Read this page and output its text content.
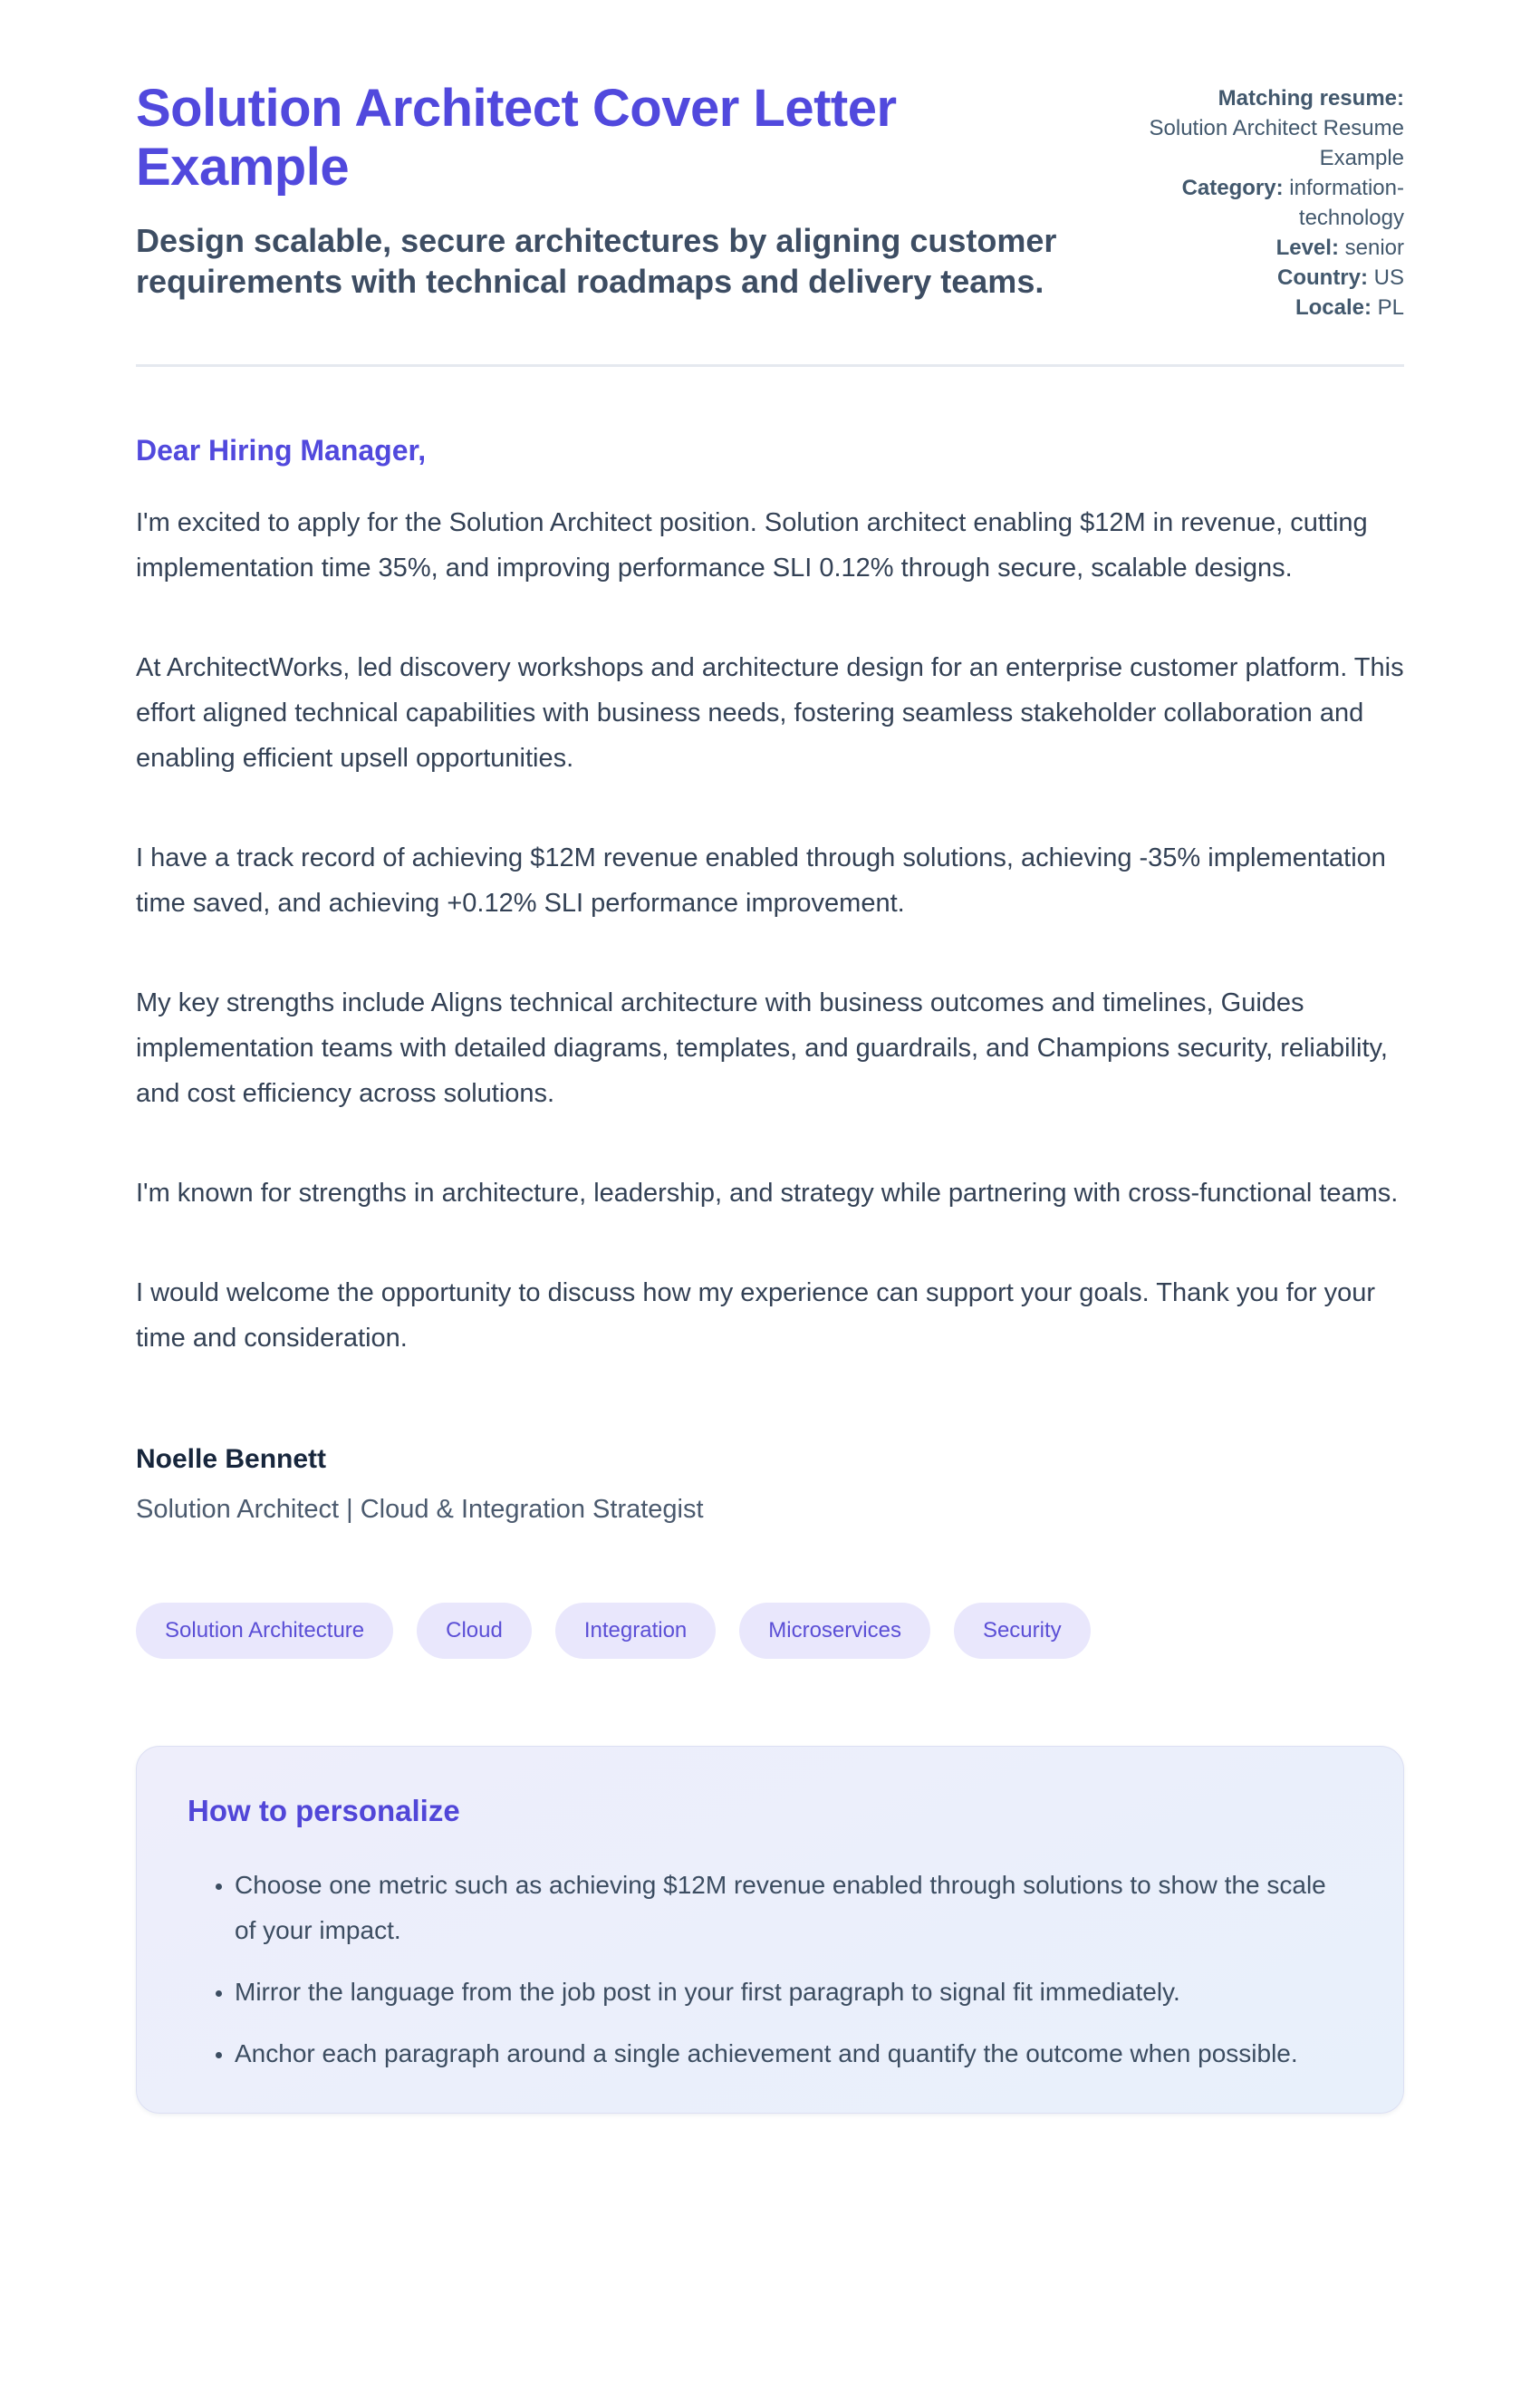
Solution Architect Cover Letter Example

Design scalable, secure architectures by aligning customer requirements with technical roadmaps and delivery teams.

Matching resume: Solution Architect Resume Example
Category: information-technology
Level: senior
Country: US
Locale: PL

Dear Hiring Manager,

I'm excited to apply for the Solution Architect position. Solution architect enabling $12M in revenue, cutting implementation time 35%, and improving performance SLI 0.12% through secure, scalable designs.

At ArchitectWorks, led discovery workshops and architecture design for an enterprise customer platform. This effort aligned technical capabilities with business needs, fostering seamless stakeholder collaboration and enabling efficient upsell opportunities.

I have a track record of achieving $12M revenue enabled through solutions, achieving -35% implementation time saved, and achieving +0.12% SLI performance improvement.

My key strengths include Aligns technical architecture with business outcomes and timelines, Guides implementation teams with detailed diagrams, templates, and guardrails, and Champions security, reliability, and cost efficiency across solutions.

I'm known for strengths in architecture, leadership, and strategy while partnering with cross-functional teams.

I would welcome the opportunity to discuss how my experience can support your goals. Thank you for your time and consideration.

Noelle Bennett

Solution Architect | Cloud & Integration Strategist

Solution Architecture	Cloud	Integration	Microservices	Security
How to personalize
• Choose one metric such as achieving $12M revenue enabled through solutions to show the scale of your impact.
• Mirror the language from the job post in your first paragraph to signal fit immediately.
• Anchor each paragraph around a single achievement and quantify the outcome when possible.
